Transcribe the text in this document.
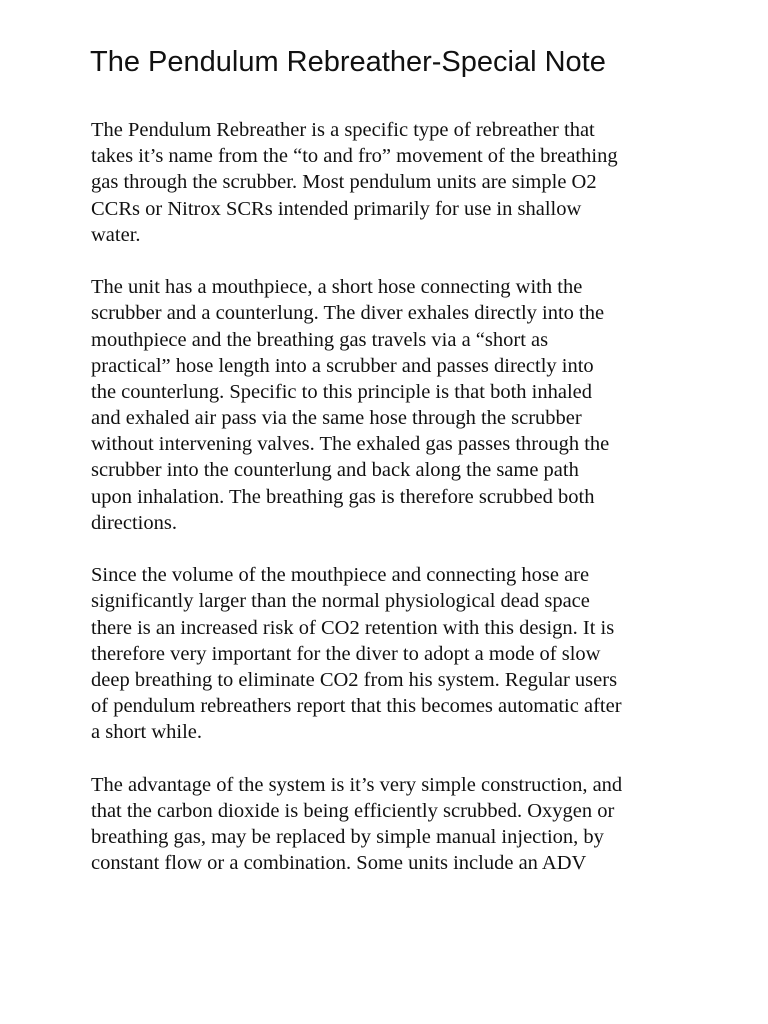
The Pendulum Rebreather-Special Note
The Pendulum Rebreather is a specific type of rebreather that
takes it’s name from the “to and fro” movement of the breathing
gas through the scrubber. Most pendulum units are simple O2
CCRs or Nitrox SCRs intended primarily for use in shallow
water.
The unit has a mouthpiece, a short hose connecting with the
scrubber and a counterlung. The diver exhales directly into the
mouthpiece and the breathing gas travels via a “short as
practical” hose length into a scrubber and passes directly into
the counterlung. Specific to this principle is that both inhaled
and exhaled air pass via the same hose through the scrubber
without intervening valves. The exhaled gas passes through the
scrubber into the counterlung and back along the same path
upon inhalation. The breathing gas is therefore scrubbed both
directions.
Since the volume of the mouthpiece and connecting hose are
significantly larger than the normal physiological dead space
there is an increased risk of CO2 retention with this design. It is
therefore very important for the diver to adopt a mode of slow
deep breathing to eliminate CO2 from his system. Regular users
of pendulum rebreathers report that this becomes automatic after
a short while.
The advantage of the system is it’s very simple construction, and
that the carbon dioxide is being efficiently scrubbed. Oxygen or
breathing gas, may be replaced by simple manual injection, by
constant flow or a combination. Some units include an ADV
